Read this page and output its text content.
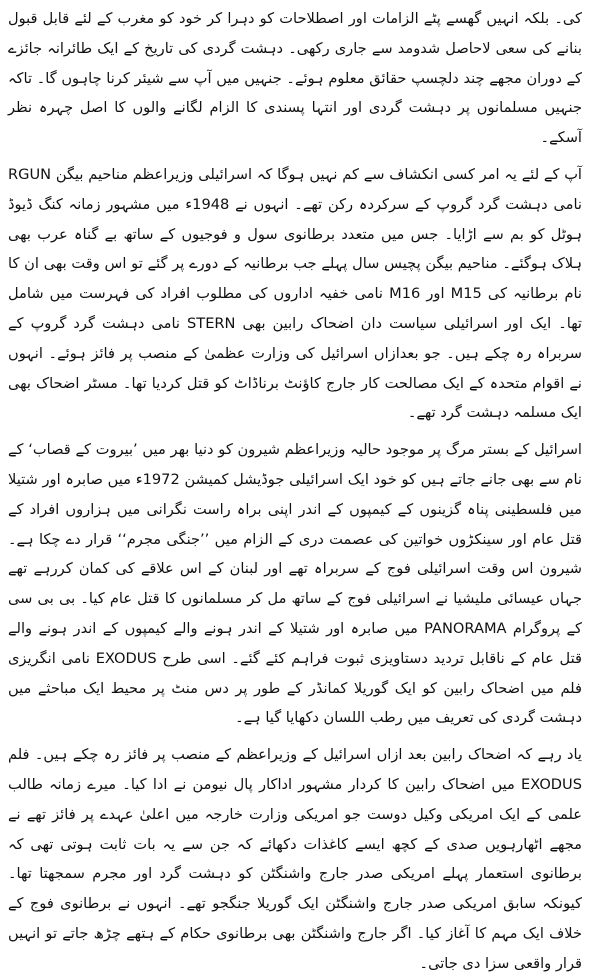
کی۔ بلکہ انہیں گھسے پٹے الزامات اور اصطلاحات کو دہرا کر خود کو مغرب کے لئے قابل قبول بنانے کی سعی لاحاصل شدومد سے جاری رکھی۔ دہشت گردی کی تاریخ کے ایک طائرانہ جائزے کے دوران مجھے چند دلچسپ حقائق معلوم ہوئے۔ جنہیں میں آپ سے شیئر کرنا چاہوں گا۔ تاکہ جنہیں مسلمانوں پر دہشت گردی اور انتہا پسندی کا الزام لگانے والوں کا اصل چہرہ نظر آسکے۔

آپ کے لئے یہ امر کسی انکشاف سے کم نہیں ہوگا کہ اسرائیلی وزیراعظم مناحیم بیگن RGUN نامی دہشت گرد گروپ کے سرکردہ رکن تھے۔ انہوں نے 1948ء میں مشہور زمانہ کنگ ڈیوڈ ہوٹل کو بم سے اڑایا۔ جس میں متعدد برطانوی سول و فوجیوں کے ساتھ بے گناہ عرب بھی ہلاک ہوگئے۔ مناحیم بیگن پچیس سال پہلے جب برطانیہ کے دورے پر گئے تو اس وقت بھی ان کا نام برطانیہ کی M15 اور M16 نامی خفیہ اداروں کی مطلوب افراد کی فہرست میں شامل تھا۔ ایک اور اسرائیلی سیاست دان اضحاک رابین بھی STERN نامی دہشت گرد گروپ کے سربراہ رہ چکے ہیں۔ جو بعدازاں اسرائیل کی وزارت عظمیٰ کے منصب پر فائز ہوئے۔ انہوں نے اقوام متحدہ کے ایک مصالحت کار جارج کاؤنٹ برناڈاٹ کو قتل کردیا تھا۔ مسٹر اضحاک بھی ایک مسلمہ دہشت گرد تھے۔

اسرائیل کے بستر مرگ پر موجود حالیہ وزیراعظم شیرون کو دنیا بھر میں ’بیروت کے قصاب‘ کے نام سے بھی جانے جاتے ہیں کو خود ایک اسرائیلی جوڈیشل کمیشن 1972ء میں صابرہ اور شتیلا میں فلسطینی پناہ گزینوں کے کیمپوں کے اندر اپنی براہ راست نگرانی میں ہزاروں افراد کے قتل عام اور سینکڑوں خواتین کی عصمت دری کے الزام میں ’’جنگی مجرم‘‘ قرار دے چکا ہے۔ شیرون اس وقت اسرائیلی فوج کے سربراہ تھے اور لبنان کے اس علاقے کی کمان کررہے تھے جہاں عیسائی ملیشیا نے اسرائیلی فوج کے ساتھ مل کر مسلمانوں کا قتل عام کیا۔ بی بی سی کے پروگرام PANORAMA میں صابرہ اور شتیلا کے اندر ہونے والے کیمپوں کے اندر ہونے والے قتل عام کے ناقابل تردید دستاویزی ثبوت فراہم کئے گئے۔ اسی طرح EXODUS نامی انگریزی فلم میں اضحاک رابین کو ایک گوریلا کمانڈر کے طور پر دس منٹ پر محیط ایک مباحثے میں دہشت گردی کی تعریف میں رطب اللسان دکھایا گیا ہے۔

یاد رہے کہ اضحاک رابین بعد ازاں اسرائیل کے وزیراعظم کے منصب پر فائز رہ چکے ہیں۔ فلم EXODUS میں اضحاک رابین کا کردار مشہور اداکار پال نیومن نے ادا کیا۔ میرے زمانہ طالب علمی کے ایک امریکی وکیل دوست جو امریکی وزارت خارجہ میں اعلیٰ عہدے پر فائز تھے نے مجھے اٹھارہویں صدی کے کچھ ایسے کاغذات دکھائے کہ جن سے یہ بات ثابت ہوتی تھی کہ برطانوی استعمار پہلے امریکی صدر جارج واشنگٹن کو دہشت گرد اور مجرم سمجھتا تھا۔ کیونکہ سابق امریکی صدر جارج واشنگٹن ایک گوریلا جنگجو تھے۔ انہوں نے برطانوی فوج کے خلاف ایک مہم کا آغاز کیا۔ اگر جارج واشنگٹن بھی برطانوی حکام کے ہتھے چڑھ جاتے تو انہیں قرار واقعی سزا دی جاتی۔
